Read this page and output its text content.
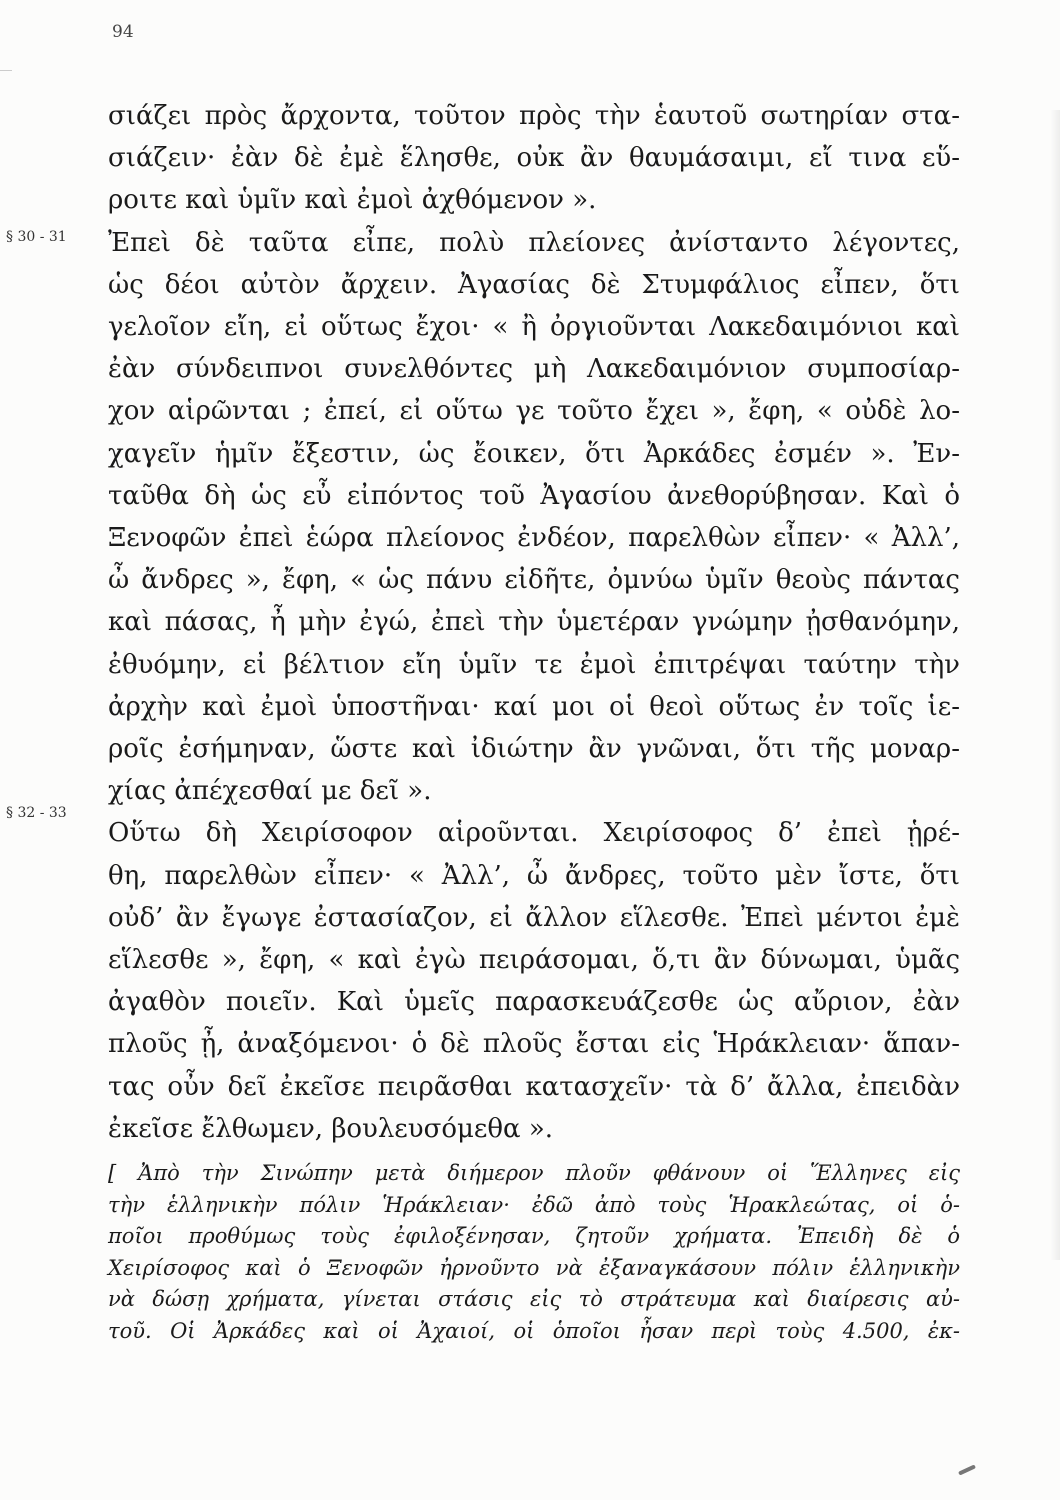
94
§ 30 - 31
§ 32 - 33
σιάζει πρὸς ἄρχοντα, τοῦτον πρὸς τὴν ἑαυτοῦ σωτηρίαν στα-
σιάζειν· ἐὰν δὲ ἐμὲ ἕλησθε, οὐκ ἂν θαυμάσαιμι, εἴ τινα εὕ-
ροιτε καὶ ὑμῖν καὶ ἐμοὶ ἀχθόμενον ».
Ἐπεὶ δὲ ταῦτα εἶπε, πολὺ πλείονες ἀνίσταντο λέγοντες,
ὡς δέοι αὐτὸν ἄρχειν. Ἀγασίας δὲ Στυμφάλιος εἶπεν, ὅτι
γελοῖον εἴη, εἰ οὕτως ἔχοι· « ἢ ὀργιοῦνται Λακεδαιμόνιοι καὶ
ἐὰν σύνδειπνοι συνελθόντες μὴ Λακεδαιμόνιον συμποσίαρ-
χον αἱρῶνται ; ἐπεί, εἰ οὕτω γε τοῦτο ἔχει », ἔφη, « οὐδὲ λο-
χαγεῖν ἡμῖν ἔξεστιν, ὡς ἔοικεν, ὅτι Ἀρκάδες ἐσμέν ». Ἐν-
ταῦθα δὴ ὡς εὖ εἰπόντος τοῦ Ἀγασίου ἀνεθορύβησαν. Καὶ ὁ
Ξενοφῶν ἐπεὶ ἑώρα πλείονος ἐνδέον, παρελθὼν εἶπεν· « Ἀλλ’,
ὦ ἄνδρες », ἔφη, « ὡς πάνυ εἰδῆτε, ὀμνύω ὑμῖν θεοὺς πάντας
καὶ πάσας, ἦ μὴν ἐγώ, ἐπεὶ τὴν ὑμετέραν γνώμην ᾐσθανόμην,
ἐθυόμην, εἰ βέλτιον εἴη ὑμῖν τε ἐμοὶ ἐπιτρέψαι ταύτην τὴν
ἀρχὴν καὶ ἐμοὶ ὑποστῆναι· καί μοι οἱ θεοὶ οὕτως ἐν τοῖς ἱε-
ροῖς ἐσήμηναν, ὥστε καὶ ἰδιώτην ἂν γνῶναι, ὅτι τῆς μοναρ-
χίας ἀπέχεσθαί με δεῖ ».
Οὕτω δὴ Χειρίσοφον αἱροῦνται. Χειρίσοφος δ’ ἐπεὶ ᾑρέ-
θη, παρελθὼν εἶπεν· « Ἀλλ’, ὦ ἄνδρες, τοῦτο μὲν ἴστε, ὅτι
οὐδ’ ἂν ἔγωγε ἐστασίαζον, εἰ ἄλλον εἵλεσθε. Ἐπεὶ μέντοι ἐμὲ
εἵλεσθε », ἔφη, « καὶ ἐγὼ πειράσομαι, ὅ,τι ἂν δύνωμαι, ὑμᾶς
ἀγαθὸν ποιεῖν. Καὶ ὑμεῖς παρασκευάζεσθε ὡς αὔριον, ἐὰν
πλοῦς ᾖ, ἀναξόμενοι· ὁ δὲ πλοῦς ἔσται εἰς Ἡράκλειαν· ἅπαν-
τας οὖν δεῖ ἐκεῖσε πειρᾶσθαι κατασχεῖν· τὰ δ’ ἄλλα, ἐπειδὰν
ἐκεῖσε ἔλθωμεν, βουλευσόμεθα ».
[ Ἀπὸ τὴν Σινώπην μετὰ διήμερον πλοῦν φθάνουν οἱ Ἕλληνες εἰς
τὴν ἑλληνικὴν πόλιν Ἡράκλειαν· ἐδῶ ἀπὸ τοὺς Ἡρακλεώτας, οἱ ὁ-
ποῖοι προθύμως τοὺς ἐφιλοξένησαν, ζητοῦν χρήματα. Ἐπειδὴ δὲ ὁ
Χειρίσοφος καὶ ὁ Ξενοφῶν ἠρνοῦντο νὰ ἐξαναγκάσουν πόλιν ἑλληνικὴν
νὰ δώσῃ χρήματα, γίνεται στάσις εἰς τὸ στράτευμα καὶ διαίρεσις αὐ-
τοῦ. Οἱ Ἀρκάδες καὶ οἱ Ἀχαιοί, οἱ ὁποῖοι ἦσαν περὶ τοὺς 4.500, ἐκ-
